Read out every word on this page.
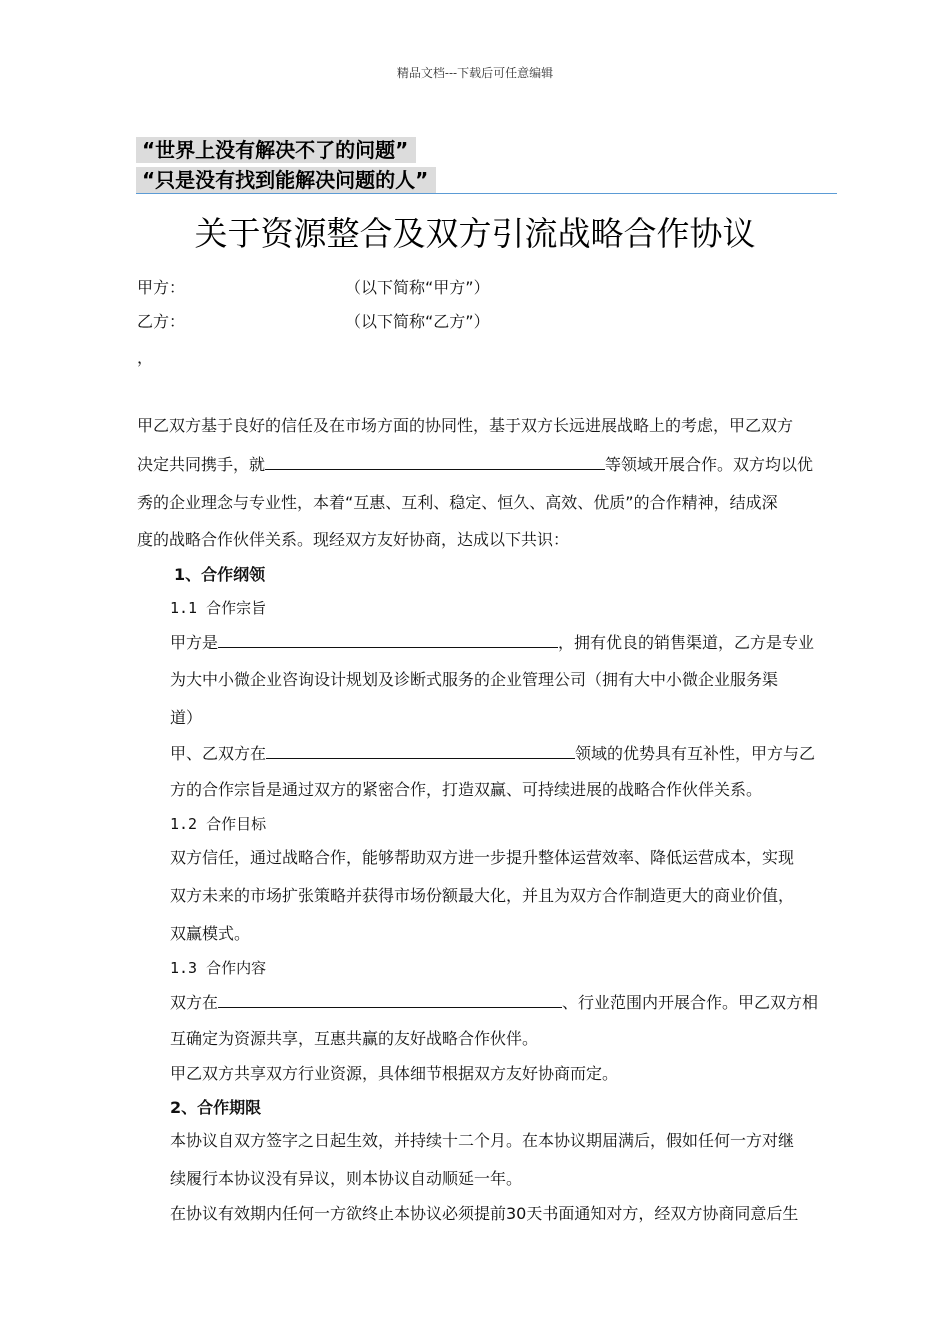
精品文档---下载后可任意编辑
“世界上没有解决不了的问题”
“只是没有找到能解决问题的人”
关于资源整合及双方引流战略合作协议
甲方：	（以下简称“甲方”）
乙方：	（以下简称“乙方”）
，
甲乙双方基于良好的信任及在市场方面的协同性，基于双方长远进展战略上的考虑，甲乙双方
决定共同携手，就	等领域开展合作。双方均以优
秀的企业理念与专业性，本着“互惠、互利、稳定、恒久、高效、优质”的合作精神，结成深
度的战略合作伙伴关系。现经双方友好协商，达成以下共识：
1、合作纲领
1.1 合作宗旨
甲方是	，拥有优良的销售渠道，乙方是专业
为大中小微企业咨询设计规划及诊断式服务的企业管理公司（拥有大中小微企业服务渠
道）
甲、乙双方在	领域的优势具有互补性，甲方与乙
方的合作宗旨是通过双方的紧密合作，打造双赢、可持续进展的战略合作伙伴关系。
1.2 合作目标
双方信任，通过战略合作，能够帮助双方进一步提升整体运营效率、降低运营成本，实现
双方未来的市场扩张策略并获得市场份额最大化，并且为双方合作制造更大的商业价值，
双赢模式。
1.3 合作内容
双方在	、行业范围内开展合作。甲乙双方相
互确定为资源共享，互惠共赢的友好战略合作伙伴。
甲乙双方共享双方行业资源，具体细节根据双方友好协商而定。
2、合作期限
本协议自双方签字之日起生效，并持续十二个月。在本协议期届满后，假如任何一方对继
续履行本协议没有异议，则本协议自动顺延一年。
在协议有效期内任何一方欲终止本协议必须提前30天书面通知对方，经双方协商同意后生
